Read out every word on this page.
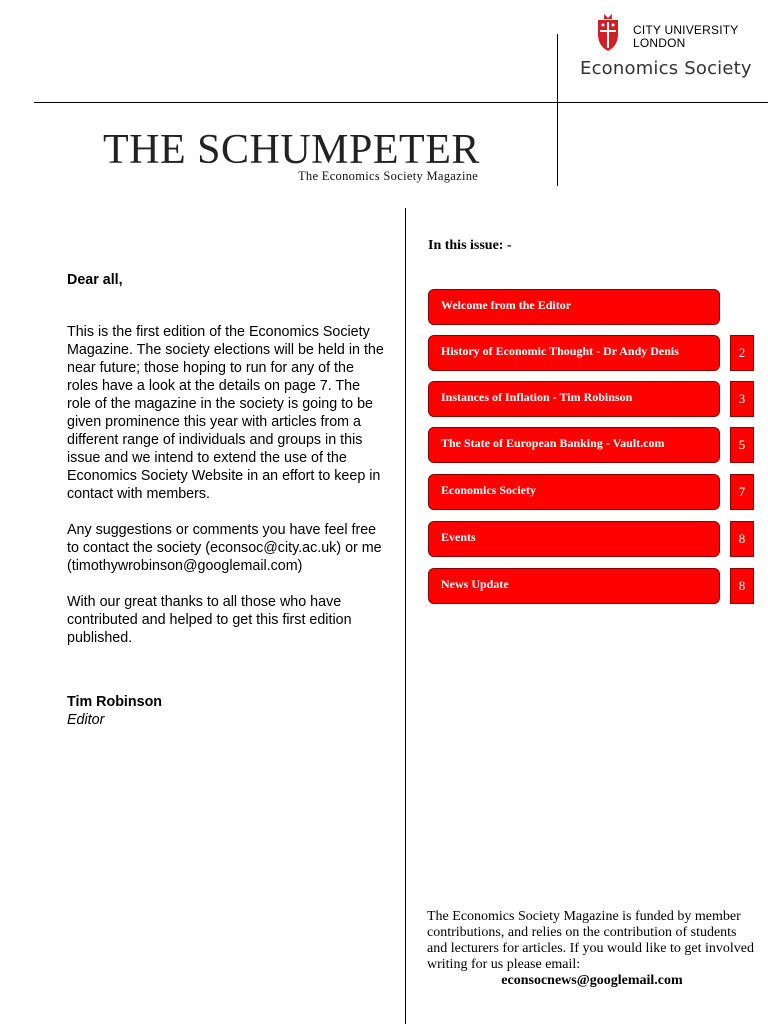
CITY UNIVERSITY
LONDON
Economics Society
THE SCHUMPETER
The Economics Society Magazine

Dear all,

This is the first edition of the Economics Society Magazine. The society elections will be held in the near future; those hoping to run for any of the roles have a look at the details on page 7. The role of the magazine in the society is going to be given prominence this year with articles from a different range of individuals and groups in this issue and we intend to extend the use of the Economics Society Website in an effort to keep in contact with members.

Any suggestions or comments you have feel free to contact the society (econsoc@city.ac.uk) or me (timothywrobinson@googlemail.com)

With our great thanks to all those who have contributed and helped to get this first edition published.

Tim Robinson

Editor

In this issue: -
Welcome from the Editor
History of Economic Thought - Dr Andy Denis	2
Instances of Inflation - Tim Robinson	3
The State of European Banking - Vault.com	5
Economics Society	7
Events	8
News Update	8
The Economics Society Magazine is funded by member contributions, and relies on the contribution of students and lecturers for articles. If you would like to get involved writing for us please email:
econsocnews@googlemail.com
